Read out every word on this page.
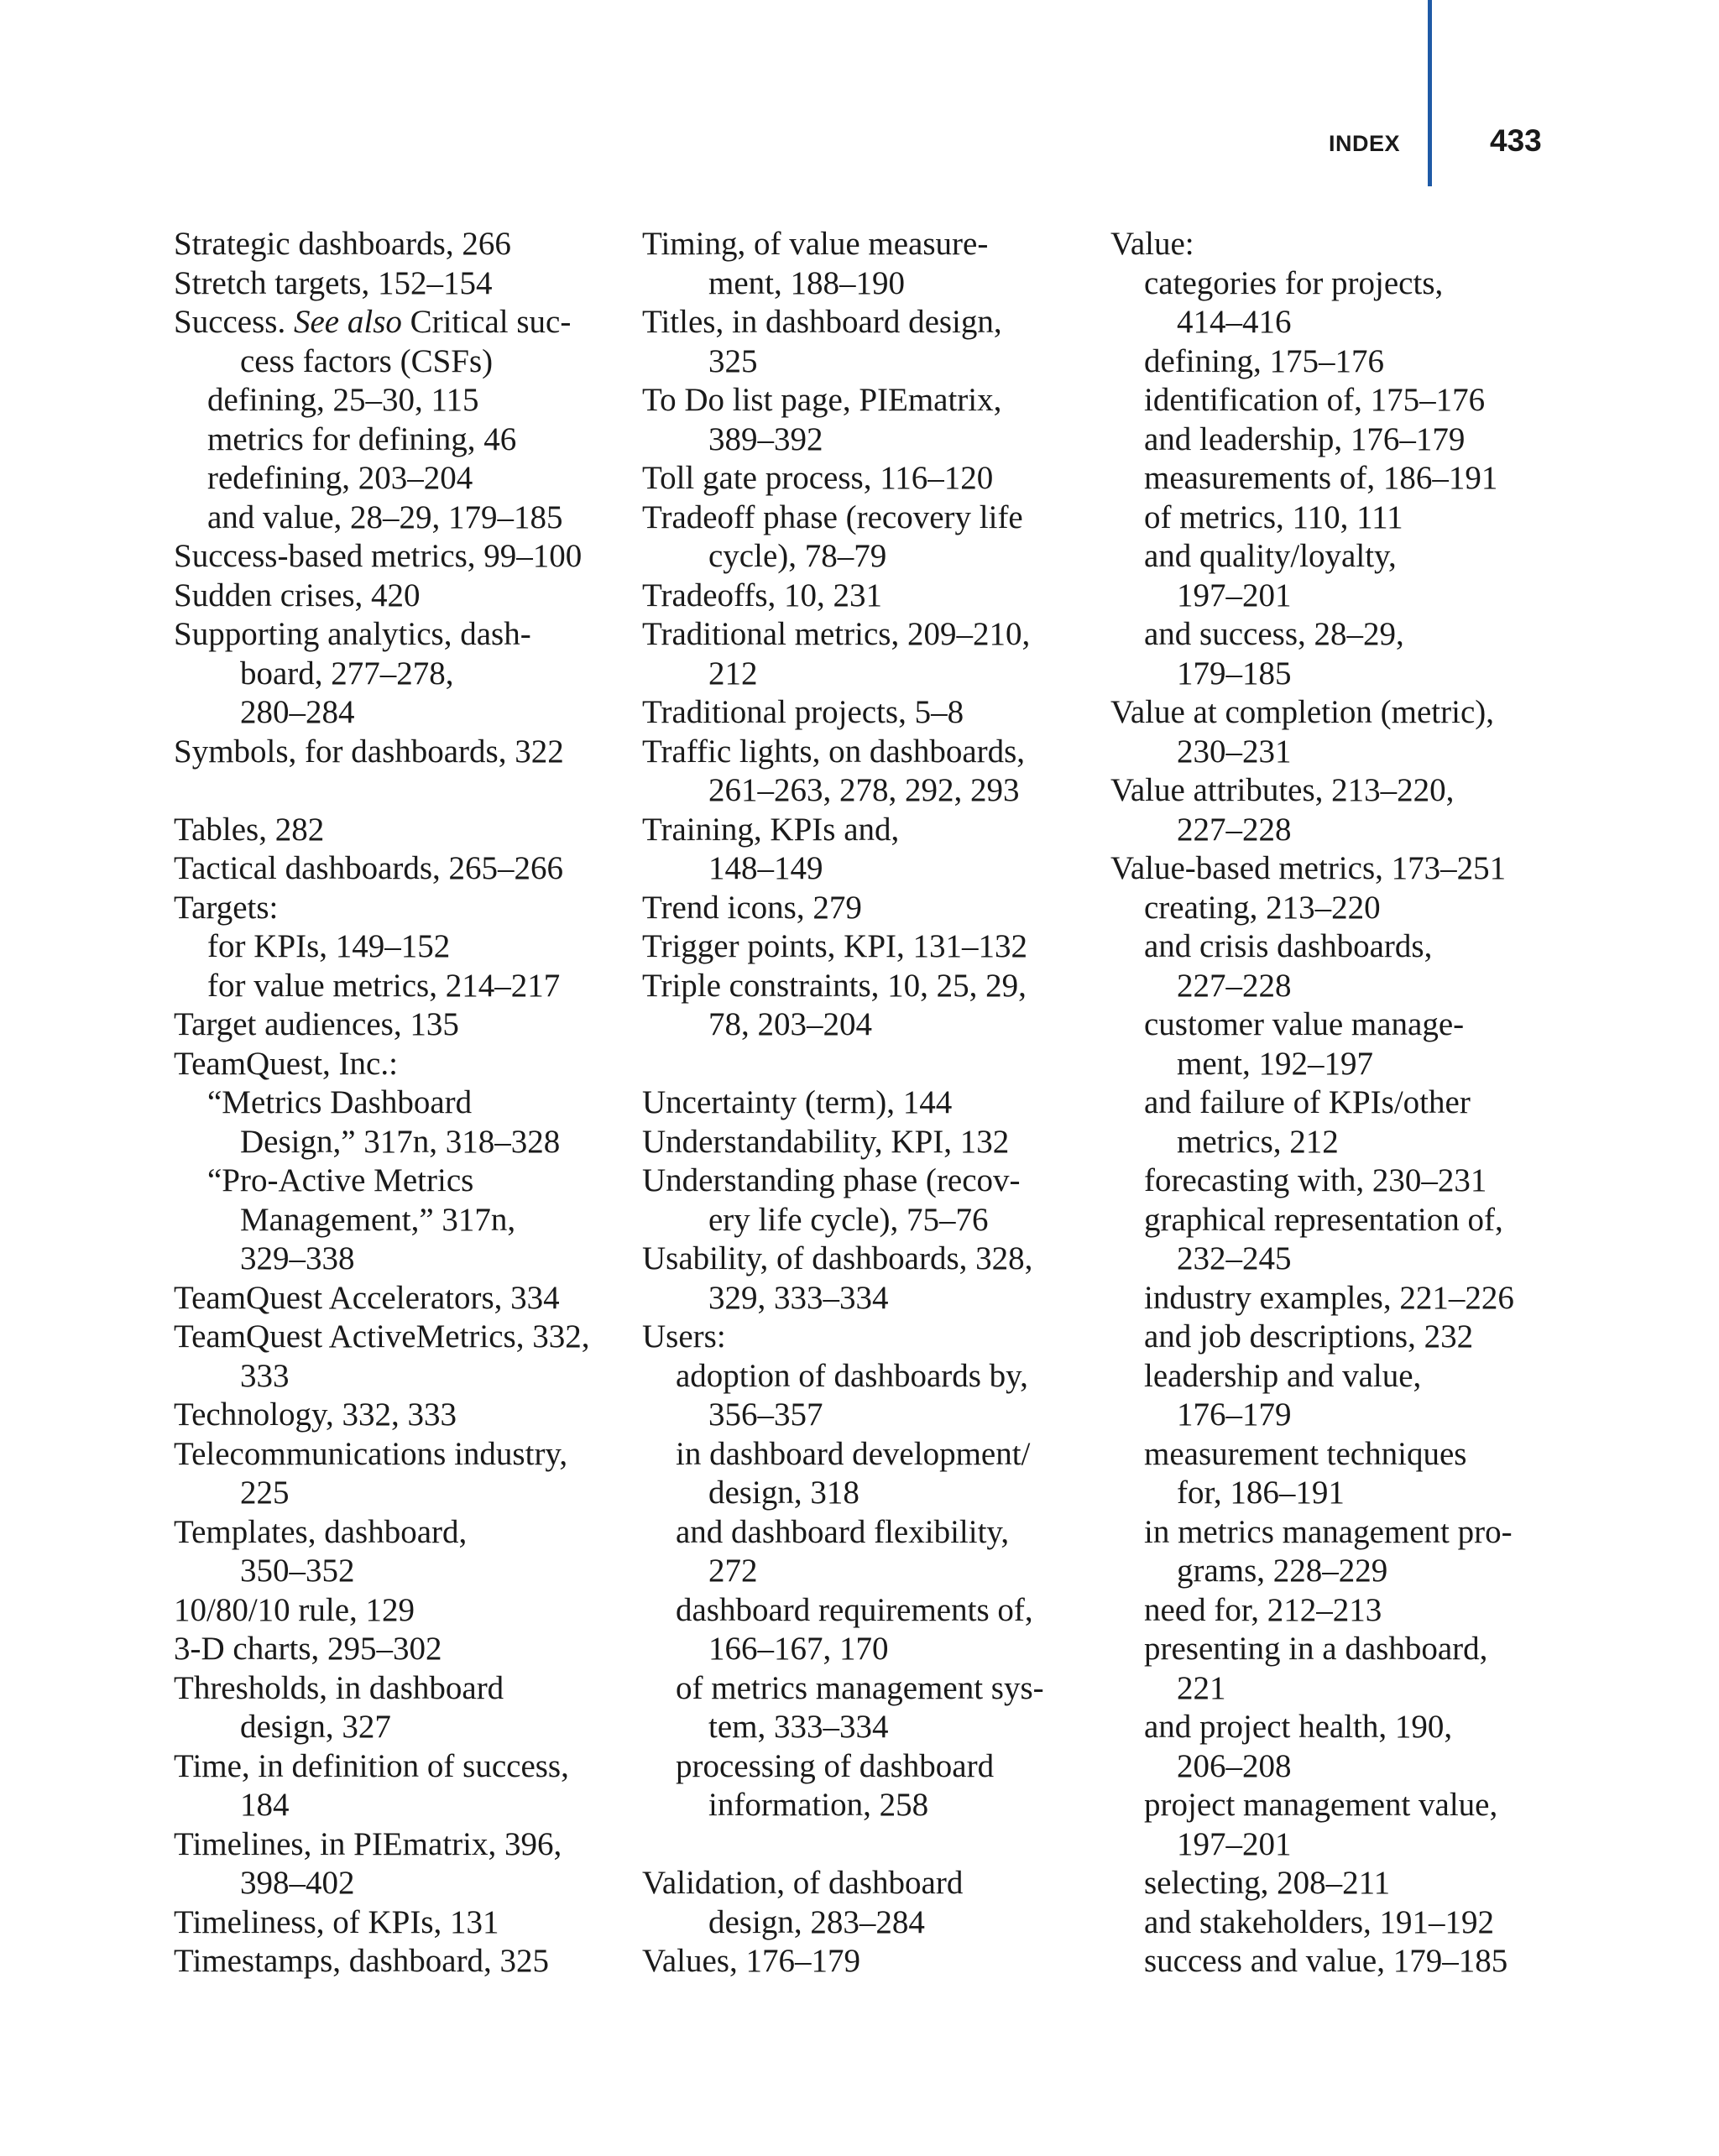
INDEX	433
Strategic dashboards, 266
Stretch targets, 152–154
Success. See also Critical suc-
cess factors (CSFs)
defining, 25–30, 115
metrics for defining, 46
redefining, 203–204
and value, 28–29, 179–185
Success-based metrics, 99–100
Sudden crises, 420
Supporting analytics, dash-
board, 277–278,
280–284
Symbols, for dashboards, 322
Tables, 282
Tactical dashboards, 265–266
Targets:
for KPIs, 149–152
for value metrics, 214–217
Target audiences, 135
TeamQuest, Inc.:
“Metrics Dashboard
Design,” 317n, 318–328
“Pro-Active Metrics
Management,” 317n,
329–338
TeamQuest Accelerators, 334
TeamQuest ActiveMetrics, 332,
333
Technology, 332, 333
Telecommunications industry,
225
Templates, dashboard,
350–352
10/80/10 rule, 129
3-D charts, 295–302
Thresholds, in dashboard
design, 327
Time, in definition of success,
184
Timelines, in PIEmatrix, 396,
398–402
Timeliness, of KPIs, 131
Timestamps, dashboard, 325
Timing, of value measure-
ment, 188–190
Titles, in dashboard design,
325
To Do list page, PIEmatrix,
389–392
Toll gate process, 116–120
Tradeoff phase (recovery life
cycle), 78–79
Tradeoffs, 10, 231
Traditional metrics, 209–210,
212
Traditional projects, 5–8
Traffic lights, on dashboards,
261–263, 278, 292, 293
Training, KPIs and,
148–149
Trend icons, 279
Trigger points, KPI, 131–132
Triple constraints, 10, 25, 29,
78, 203–204
Uncertainty (term), 144
Understandability, KPI, 132
Understanding phase (recov-
ery life cycle), 75–76
Usability, of dashboards, 328,
329, 333–334
Users:
adoption of dashboards by,
356–357
in dashboard development/
design, 318
and dashboard flexibility,
272
dashboard requirements of,
166–167, 170
of metrics management sys-
tem, 333–334
processing of dashboard
information, 258
Validation, of dashboard
design, 283–284
Values, 176–179
Value:
categories for projects,
414–416
defining, 175–176
identification of, 175–176
and leadership, 176–179
measurements of, 186–191
of metrics, 110, 111
and quality/loyalty,
197–201
and success, 28–29,
179–185
Value at completion (metric),
230–231
Value attributes, 213–220,
227–228
Value-based metrics, 173–251
creating, 213–220
and crisis dashboards,
227–228
customer value manage-
ment, 192–197
and failure of KPIs/other
metrics, 212
forecasting with, 230–231
graphical representation of,
232–245
industry examples, 221–226
and job descriptions, 232
leadership and value,
176–179
measurement techniques
for, 186–191
in metrics management pro-
grams, 228–229
need for, 212–213
presenting in a dashboard,
221
and project health, 190,
206–208
project management value,
197–201
selecting, 208–211
and stakeholders, 191–192
success and value, 179–185
